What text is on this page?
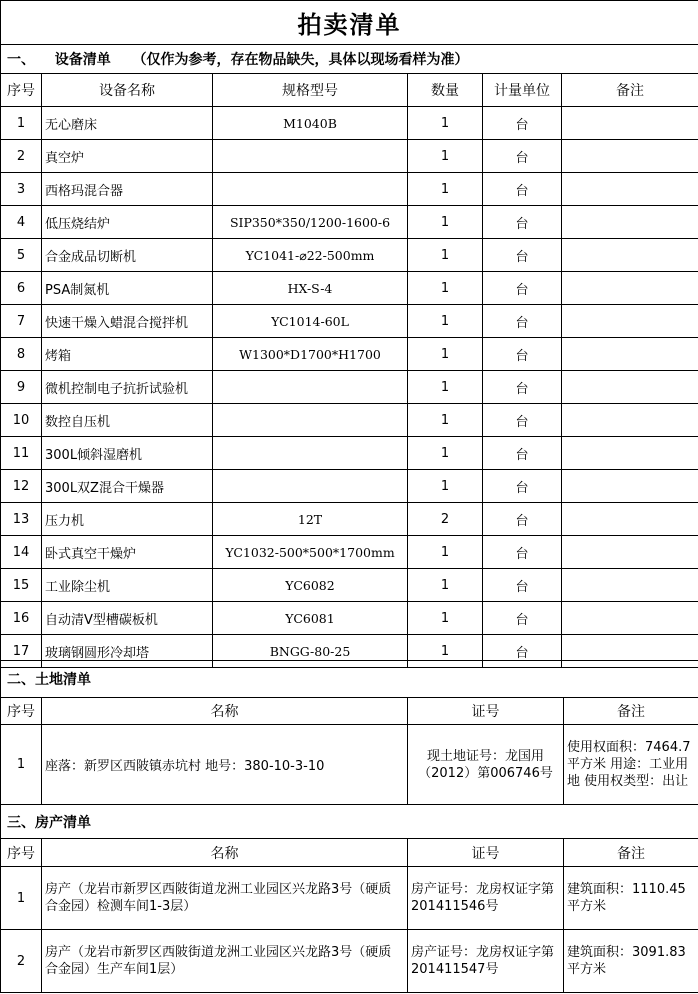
拍卖清单					
一、 设备清单 （仅作为参考，存在物品缺失，具体以现场看样为准）					
序号	设备名称	规格型号	数量	计量单位	备注
1	无心磨床	M1040B	1	台	
2	真空炉		1	台	
3	西格玛混合器		1	台	
4	低压烧结炉	SIP350*350/1200-1600-6	1	台	
5	合金成品切断机	YC1041-⌀22-500mm	1	台	
6	PSA制氮机	HX-S-4	1	台	
7	快速干燥入蜡混合搅拌机	YC1014-60L	1	台	
8	烤箱	W1300*D1700*H1700	1	台	
9	微机控制电子抗折试验机		1	台	
10	数控自压机		1	台	
11	300L倾斜湿磨机		1	台	
12	300L双Z混合干燥器		1	台	
13	压力机	12T	2	台	
14	卧式真空干燥炉	YC1032-500*500*1700mm	1	台	
15	工业除尘机	YC6082	1	台	
16	自动清V型槽碳板机	YC6081	1	台	
17	玻璃钢圆形冷却塔	BNGG-80-25	1	台	
二、土地清单			
序号	名称	证号	备注
1	座落：新罗区西陂镇赤坑村 地号：380-10-3-10	现土地证号：龙国用（2012）第006746号	使用权面积：7464.7平方米 用途：工业用地 使用权类型：出让
三、房产清单			
序号	名称	证号	备注
1	房产（龙岩市新罗区西陂街道龙洲工业园区兴龙路3号（硬质合金园）检测车间1-3层）	房产证号：龙房权证字第201411546号	建筑面积：1110.45平方米
2	房产（龙岩市新罗区西陂街道龙洲工业园区兴龙路3号（硬质合金园）生产车间1层）	房产证号：龙房权证字第201411547号	建筑面积：3091.83平方米
